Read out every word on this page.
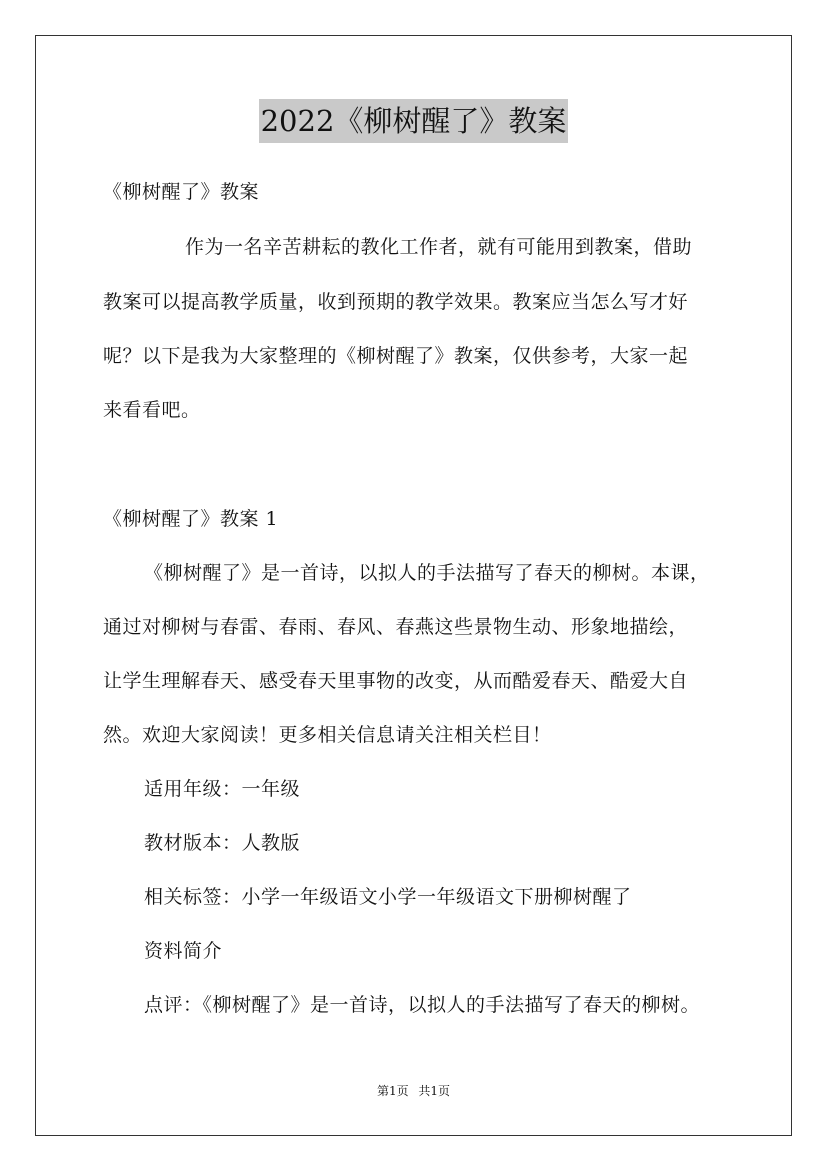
2022《柳树醒了》教案
《柳树醒了》教案
作为一名辛苦耕耘的教化工作者，就有可能用到教案，借助
教案可以提高教学质量，收到预期的教学效果。教案应当怎么写才好
呢？以下是我为大家整理的《柳树醒了》教案，仅供参考，大家一起
来看看吧。
《柳树醒了》教案 1
《柳树醒了》是一首诗，以拟人的手法描写了春天的柳树。本课，
通过对柳树与春雷、春雨、春风、春燕这些景物生动、形象地描绘，
让学生理解春天、感受春天里事物的改变，从而酷爱春天、酷爱大自
然。欢迎大家阅读！更多相关信息请关注相关栏目！
适用年级：一年级
教材版本：人教版
相关标签：小学一年级语文小学一年级语文下册柳树醒了
资料简介
点评：《柳树醒了》是一首诗，以拟人的手法描写了春天的柳树。
第1页 共1页
